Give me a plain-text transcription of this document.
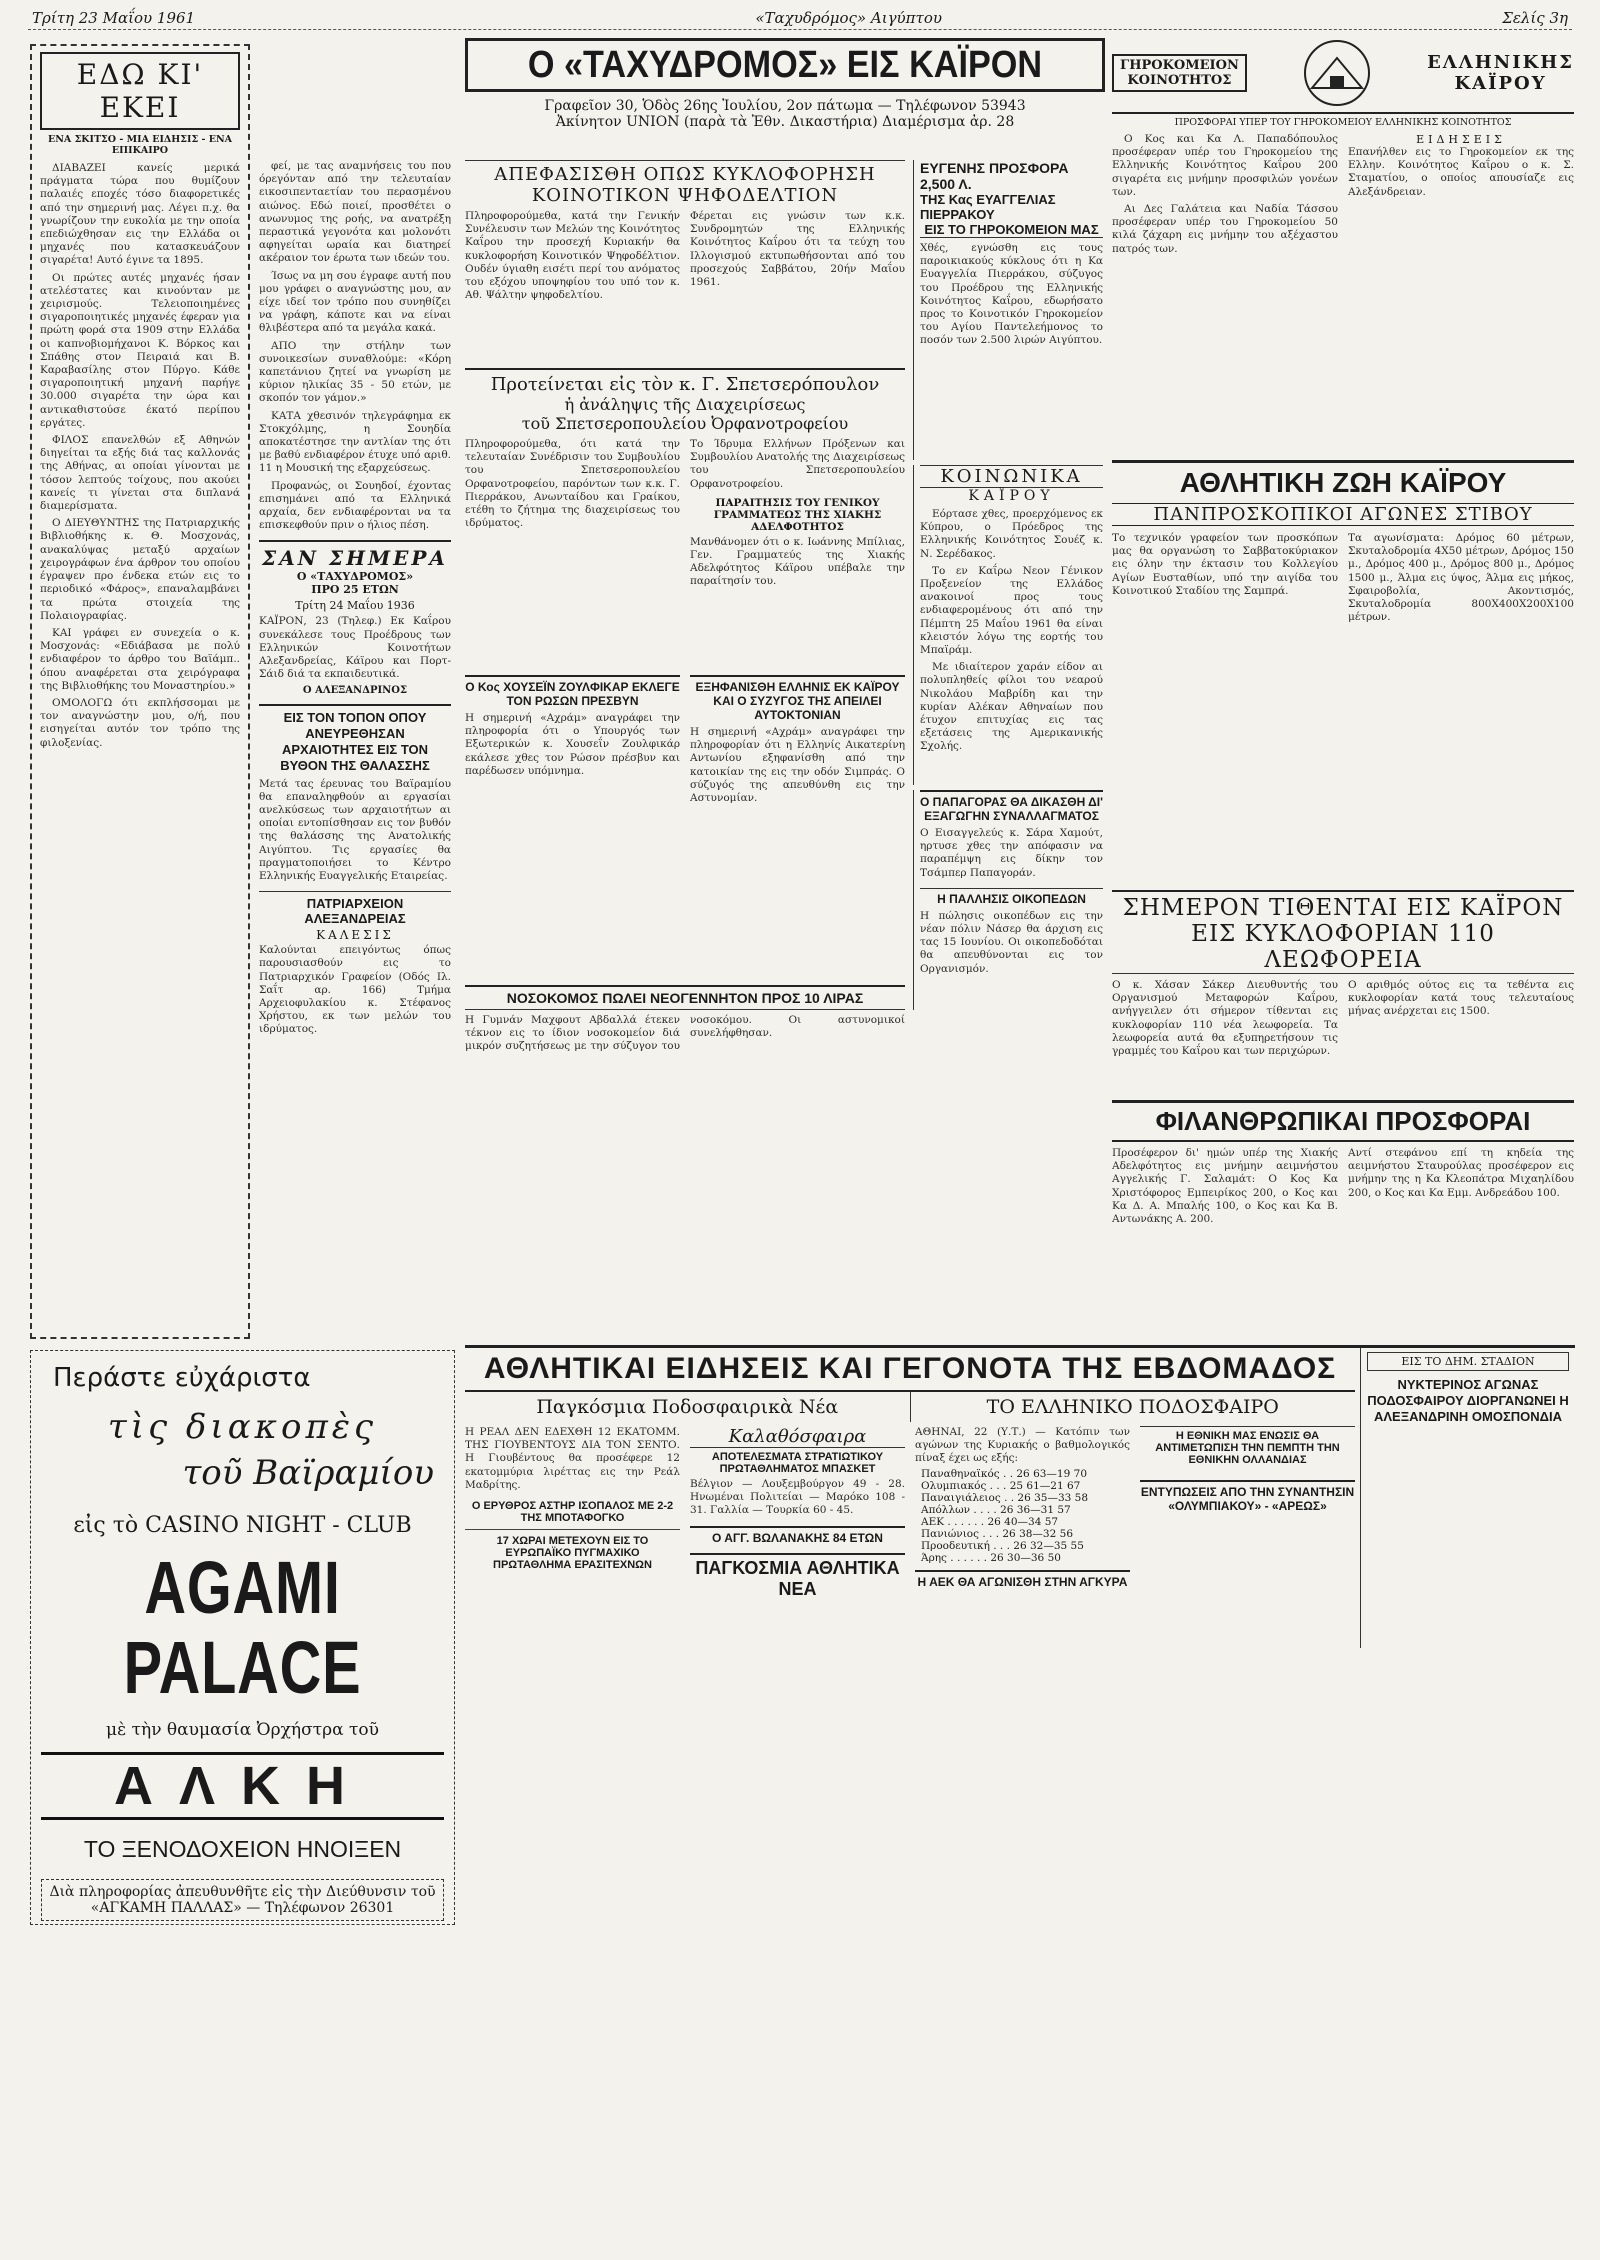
Τρίτη 23 Μαΐου 1961	«Ταχυδρόμος» Αιγύπτου	Σελίς 3η
ΕΔΩ ΚΙ' ΕΚΕΙ
ΕΝΑ ΣΚΙΤΣΟ - ΜΙΑ ΕΙΔΗΣΙΣ - ΕΝΑ ΕΠΙΚΑΙΡΟ

ΔΙΑΒΑΖΕΙ κανείς μερικά πράγματα τώρα που θυμίζουν παλαιές εποχές τόσο διαφορετικές από την σημερινή μας. Λέγει π.χ. θα γνωρίζουν την ευκολία με την οποία επεδιώχθησαν εις την Ελλάδα οι μηχανές που κατασκευάζουν σιγαρέτα! Αυτό έγινε τα 1895.

Οι πρώτες αυτές μηχανές ήσαν ατελέστατες και κινούνταν με χειρισμούς. Τελειοποιημένες σιγαροποιητικές μηχανές έφεραν για πρώτη φορά στα 1909 στην Ελλάδα οι καπνοβιομήχανοι Κ. Βόρκος και Σπάθης στον Πειραιά και Β. Καραβασίλης στον Πύργο. Κάθε σιγαροποιητική μηχανή παρήγε 30.000 σιγαρέτα την ώρα και αντικαθιστούσε έκατό περίπου εργάτες.

ΦΙΛΟΣ επανελθών εξ Αθηνών διηγείται τα εξής διά τας καλλονάς της Αθήνας, αι οποίαι γίνονται με τόσον λεπτούς τοίχους, που ακούει κανείς τι γίνεται στα διπλανά διαμερίσματα.

Ο ΔΙΕΥΘΥΝΤΗΣ της Πατριαρχικής Βιβλιοθήκης κ. Θ. Μοσχονάς, ανακαλύψας μεταξύ αρχαίων χειρογράφων ένα άρθρον του οποίου έγραψεν προ ένδεκα ετών εις το περιοδικό «Φάρος», επαναλαμβάνει τα πρώτα στοιχεία της Πολαιογραφίας.

ΚΑΙ γράφει εν συνεχεία ο κ. Μοσχονάς: «Εδιάβασα με πολύ ενδιαφέρον το άρθρο του Βαϊάμπ.. όπου αναφέρεται στα χειρόγραφα της Βιβλιοθήκης του Μοναστηρίου.»

ΟΜΟΛΟΓΩ ότι εκπλήσσομαι με τον αναγνώστην μου, ο/ή, που εισηγείται αυτόν τον τρόπο της φιλοξενίας.

φεί, με τας αναμνήσεις του που όρεγόνταν από την τελευταίαν εικοσιπενταετίαν του περασμένου αιώνος. Εδώ ποιεί, προσθέτει ο ανωνυμος της ροής, να ανατρέξη περαστικά γεγονότα και μολονότι αφηγείται ωραία και διατηρεί ακέραιον τον έρωτα των ιδεών του.

Ίσως να μη σου έγραφε αυτή που μου γράφει ο αναγνώστης μου, αν είχε ιδεί τον τρόπο που συνηθίζει να γράφη, κάποτε και να είναι θλιβέστερα από τα μεγάλα κακά.

ΑΠΟ την στήλην των συνοικεσίων συναθλούμε: «Κόρη καπετάνιου ζητεί να γνωρίση με κύριον ηλικίας 35 - 50 ετών, με σκοπόν τον γάμον.»

ΚΑΤΑ χθεσινόν τηλεγράφημα εκ Στοκχόλμης, η Σουηδία αποκατέστησε την αντλίαν της ότι με βαθύ ενδιαφέρον έτυχε υπό αριθ. 11 η Μουσική της εξαρχεύσεως.

Προφανώς, οι Σουηδοί, έχοντας επισημάνει από τα Ελληνικά αρχαία, δεν ενδιαφέρονται να τα επισκεφθούν πριν ο ήλιος πέση.

ΣΑΝ ΣΗΜΕΡΑ
Ο «ΤΑΧΥΔΡΟΜΟΣ»
ΠΡΟ 25 ΕΤΩΝ
Τρίτη 24 Μαΐου 1936
ΚΑΪΡΟΝ, 23 (Τηλεφ.) Εκ Καΐρου συνεκάλεσε τους Προέδρους των Ελληνικών Κοινοτήτων Αλεξανδρείας, Κάϊρου και Πορτ-Σάιδ διά τα εκπαιδευτικά.
Ο ΑΛΕΞΑΝΔΡΙΝΟΣ
ΕΙΣ ΤΟΝ ΤΟΠΟΝ ΟΠΟΥ ΑΝΕΥΡΕΘΗΣΑΝ ΑΡΧΑΙΟΤΗΤΕΣ ΕΙΣ ΤΟΝ ΒΥΘΟΝ ΤΗΣ ΘΑΛΑΣΣΗΣ
Μετά τας έρευνας του Βαϊραμίου θα επαναληφθούν αι εργασίαι ανελκύσεως των αρχαιοτήτων αι οποίαι εντοπίσθησαν εις τον βυθόν της θαλάσσης της Ανατολικής Αιγύπτου. Τις εργασίες θα πραγματοποιήσει το Κέντρο Ελληνικής Ευαγγελικής Εταιρείας.
ΠΑΤΡΙΑΡΧΕΙΟΝ ΑΛΕΞΑΝΔΡΕΙΑΣ
ΚΑΛΕΣΙΣ
Καλούνται επειγόντως όπως παρουσιασθούν εις το Πατριαρχικόν Γραφείον (Οδός Ιλ. Σαΐτ αρ. 166) Τμήμα Αρχειοφυλακίου κ. Στέφανος Χρήστου, εκ των μελών του ιδρύματος.
Περάστε εὐχάριστα
τὶς διακοπὲς
τοῦ Βαϊραμίου
εἰς τὸ CASINO NIGHT - CLUB
AGAMI PALACE
μὲ τὴν θαυμασία Ὀρχήστρα τοῦ
ΑΛΚΗ
ΤΟ ΞΕΝΟΔΟΧΕΙΟΝ ΗΝΟΙΞΕΝ
Διὰ πληροφορίας ἀπευθυνθῆτε εἰς τὴν Διεύθυνσιν τοῦ «ΑΓΚΑΜΗ ΠΑΛΛΑΣ» — Τηλέφωνον 26301
Ο «ΤΑΧΥΔΡΟΜΟΣ» ΕΙΣ ΚΑΪΡΟΝ
Γραφεῖον 30, Ὁδὸς 26ης Ἰουλίου, 2ον πάτωμα — Τηλέφωνον 53943
Ἀκίνητον UNION (παρὰ τὰ Ἐθν. Δικαστήρια) Διαμέρισμα ἀρ. 28
ΑΠΕΦΑΣΙΣΘΗ ΟΠΩΣ ΚΥΚΛΟΦΟΡΗΣΗ
ΚΟΙΝΟΤΙΚΟΝ ΨΗΦΟΔΕΛΤΙΟΝ
Πληροφορούμεθα, κατά την Γενικήν Συνέλευσιν των Μελών της Κοινότητος Καΐρου την προσεχή Κυριακήν θα κυκλοφορήση Κοινοτικόν Ψηφοδέλτιον. Ουδέν ύγιαθη εισέτι περί του ανόματος του εξόχου υποψηφίου του υπό τον κ. Αθ. Ψάλτην ψηφοδελτίου.
Φέρεται εις γνώσιν των κ.κ. Συνδρομητών της Ελληνικής Κοινότητος Καΐρου ότι τα τεύχη του Ιλλογισμού εκτυπωθήσονται από του προσεχούς Σαββάτου, 20ήν Μαΐου 1961.
Προτείνεται εἰς τὸν κ. Γ. Σπετσερόπουλον
ἡ ἀνάληψις τῆς Διαχειρίσεως
τοῦ Σπετσεροπουλείου Ὀρφανοτροφείου
Πληροφορούμεθα, ότι κατά την τελευταίαν Συνέδρισιν του Συμβουλίου του Σπετσεροπουλείου Ορφανοτροφείου, παρόντων των κ.κ. Γ. Πιερράκου, Ανωνταίδου και Γραίκου, ετέθη το ζήτημα της διαχειρίσεως του ιδρύματος.
Το Ίδρυμα Ελλήνων Πρόξενων και Συμβουλίου Ανατολής της Διαχειρίσεως του Σπετσεροπουλείου Ορφανοτροφείου.
ΠΑΡΑΙΤΗΣΙΣ ΤΟΥ ΓΕΝΙΚΟΥ ΓΡΑΜΜΑΤΕΩΣ ΤΗΣ ΧΙΑΚΗΣ ΑΔΕΛΦΟΤΗΤΟΣ
Μανθάνομεν ότι ο κ. Ιωάννης Μπίλιας, Γεν. Γραμματεύς της Χιακής Αδελφότητος Κάϊρου υπέβαλε την παραίτησίν του.
ΕΥΓΕΝΗΣ ΠΡΟΣΦΟΡΑ 2,500 Λ.
ΤΗΣ Κας ΕΥΑΓΓΕΛΙΑΣ ΠΙΕΡΡΑΚΟΥ
ΕΙΣ ΤΟ ΓΗΡΟΚΟΜΕΙΟΝ ΜΑΣ
Χθές, εγνώσθη εις τους παροικιακούς κύκλους ότι η Κα Ευαγγελία Πιερράκου, σύζυγος του Προέδρου της Ελληνικής Κοινότητος Καΐρου, εδωρήσατο προς το Κοινοτικόν Γηροκομείον του Αγίου Παντελεήμονος το ποσόν των 2.500 λιρών Αιγύπτου.
ΚΟΙΝΩΝΙΚΑ
ΚΑΪΡΟΥ

Εόρτασε χθες, προερχόμενος εκ Κύπρου, ο Πρόεδρος της Ελληνικής Κοινότητος Σουέζ κ. Ν. Σερέδακος.

Το εν Καΐρω Νεον Γένικον Προξενείον της Ελλάδος ανακοινοί προς τους ενδιαφερομένους ότι από την Πέμπτη 25 Μαΐου 1961 θα είναι κλειστόν λόγω της εορτής του Μπαϊράμ.

Με ιδιαίτερον χαράν είδον αι πολυπληθείς φίλοι του νεαρού Νικολάου Μαβρίδη και την κυρίαν Αλέκαν Αθηναίων που έτυχον επιτυχίας εις τας εξετάσεις της Αμερικανικής Σχολής.

Ο Κος ΧΟΥΣΕΪΝ ΖΟΥΛΦΙΚΑΡ ΕΚΛΕΓΕ ΤΟΝ ΡΩΣΩΝ ΠΡΕΣΒΥΝ
Η σημερινή «Αχράμ» αναγράφει την πληροφορία ότι ο Υπουργός των Εξωτερικών κ. Χουσεΐν Ζουλφικάρ εκάλεσε χθες τον Ρώσον πρέσβυν και παρέδωσεν υπόμνημα.
ΕΞΗΦΑΝΙΣΘΗ ΕΛΛΗΝΙΣ ΕΚ ΚΑΪΡΟΥ ΚΑΙ Ο ΣΥΖΥΓΟΣ ΤΗΣ ΑΠΕΙΛΕΙ ΑΥΤΟΚΤΟΝΙΑΝ
Η σημερινή «Αχράμ» αναγράφει την πληροφορίαν ότι η Ελληνίς Αικατερίνη Αντωνίου εξηφανίσθη από την κατοικίαν της εις την οδόν Σιμπράς. Ο σύζυγός της απευθύνθη εις την Αστυνομίαν.	Ο ΠΑΠΑΓΟΡΑΣ ΘΑ ΔΙΚΑΣΘΗ ΔΙ' ΕΞΑΓΩΓΗΝ ΣΥΝΑΛΛΑΓΜΑΤΟΣ
Ο Εισαγγελεύς κ. Σάρα Χαμούτ, ηρτυσε χθες την απόφασιν να παραπέμψη εις δίκην τον Τσάμπερ Παπαγοράν.
Η ΠΑΛΛΗΣΙΣ ΟΙΚΟΠΕΔΩΝ
Η πώλησις οικοπέδων εις την νέαν πόλιν Νάσερ θα άρχιση εις τας 15 Ιουνίου. Οι οικοπεδοδόται θα απευθύνονται εις τον Οργανισμόν.
ΝΟΣΟΚΟΜΟΣ ΠΩΛΕΙ ΝΕΟΓΕΝΝΗΤΟΝ ΠΡΟΣ 10 ΛΙΡΑΣ
Η Γυμνάν Μαχφουτ Αβδαλλά έτεκεν τέκνον εις το ίδιον νοσοκομείον διά μικρόν συζητήσεως με την σύζυγον του νοσοκόμου. Οι αστυνομικοί συνελήφθησαν.
ΓΗΡΟΚΟΜΕΙΟΝ
ΚΟΙΝΟΤΗΤΟΣ
ΕΛΛΗΝΙΚΗΣ
ΚΑΪΡΟΥ
ΠΡΟΣΦΟΡΑΙ ΥΠΕΡ ΤΟΥ ΓΗΡΟΚΟΜΕΙΟΥ ΕΛΛΗΝΙΚΗΣ ΚΟΙΝΟΤΗΤΟΣ

Ο Κος και Κα Λ. Παπαδόπουλος προσέφεραν υπέρ του Γηροκομείου της Ελληνικής Κοινότητος Καΐρου 200 σιγαρέτα εις μνήμην προσφιλών γονέων των.

Αι Δες Γαλάτεια και Ναδία Τάσσου προσέφεραν υπέρ του Γηροκομείου 50 κιλά ζάχαρη εις μνήμην του αξέχαστου πατρός των.

ΕΙΔΗΣΕΙΣ
Επανήλθεν εις το Γηροκομείον εκ της Ελλην. Κοινότητος Καΐρου ο κ. Σ. Σταματίου, ο οποίος απουσίαζε εις Αλεξάνδρειαν.
ΑΘΛΗΤΙΚΗ ΖΩΗ ΚΑΪΡΟΥ
ΠΑΝΠΡΟΣΚΟΠΙΚΟΙ ΑΓΩΝΕΣ ΣΤΙΒΟΥ
Το τεχνικόν γραφείον των προσκόπων μας θα οργανώση το Σαββατοκύριακον εις όλην την έκτασιν του Κολλεγίου Αγίων Ευσταθίων, υπό την αιγίδα του Κοινοτικού Σταδίου της Σαμπρά.
Τα αγωνίσματα: Δρόμος 60 μέτρων, Σκυταλοδρομία 4Χ50 μέτρων, Δρόμος 150 μ., Δρόμος 400 μ., Δρόμος 800 μ., Δρόμος 1500 μ., Άλμα εις ύψος, Άλμα εις μήκος, Σφαιροβολία, Ακοντισμός, Σκυταλοδρομία 800Χ400Χ200Χ100 μέτρων.
ΣΗΜΕΡΟΝ ΤΙΘΕΝΤΑΙ ΕΙΣ ΚΑΪΡΟΝ
ΕΙΣ ΚΥΚΛΟΦΟΡΙΑΝ 110 ΛΕΩΦΟΡΕΙΑ
Ο κ. Χάσαν Σάκερ Διευθυντής του Οργανισμού Μεταφορών Καΐρου, ανήγγειλεν ότι σήμερον τίθενται εις κυκλοφορίαν 110 νέα λεωφορεία. Τα λεωφορεία αυτά θα εξυπηρετήσουν τις γραμμές του Καΐρου και των περιχώρων.
Ο αριθμός ούτος εις τα τεθέντα εις κυκλοφορίαν κατά τους τελευταίους μήνας ανέρχεται εις 1500.
ΦΙΛΑΝΘΡΩΠΙΚΑΙ ΠΡΟΣΦΟΡΑΙ
Προσέφερον δι' ημών υπέρ της Χιακής Αδελφότητος εις μνήμην αειμνήστου Αγγελικής Γ. Σαλαμάτ: Ο Κος Κα Χριστόφορος Εμπειρίκος 200, ο Κος και Κα Δ. Α. Μπαλής 100, ο Κος και Κα Β. Αντωνάκης Α. 200.
Αντί στεφάνου επί τη κηδεία της αειμνήστου Σταυρούλας προσέφερον εις μνήμην της η Κα Κλεοπάτρα Μιχαηλίδου 200, ο Κος και Κα Εμμ. Ανδρεάδου 100.
ΑΘΛΗΤΙΚΑΙ ΕΙΔΗΣΕΙΣ ΚΑΙ ΓΕΓΟΝΟΤΑ ΤΗΣ ΕΒΔΟΜΑΔΟΣ
Παγκόσμια Ποδοσφαιρικὰ Νέα	ΤΟ ΕΛΛΗΝΙΚΟ ΠΟΔΟΣΦΑΙΡΟ
Η ΡΕΑΛ ΔΕΝ ΕΔΕΧΘΗ 12 ΕΚΑΤΟΜΜ. ΤΗΣ ΓΙΟΥΒΕΝΤΟΥΣ ΔΙΑ ΤΟΝ ΣΕΝΤΟ. Η Γιουβέντους θα προσέφερε 12 εκατομμύρια λιρέττας εις την Ρεάλ Μαδρίτης.
Ο ΕΡΥΘΡΟΣ ΑΣΤΗΡ ΙΣΟΠΑΛΟΣ ΜΕ 2-2 ΤΗΣ ΜΠΟΤΑΦΟΓΚΟ
17 ΧΩΡΑΙ ΜΕΤΕΧΟΥΝ ΕΙΣ ΤΟ ΕΥΡΩΠΑΪΚΟ ΠΥΓΜΑΧΙΚΟ ΠΡΩΤΑΘΛΗΜΑ ΕΡΑΣΙΤΕΧΝΩΝ
Καλαθόσφαιρα
ΑΠΟΤΕΛΕΣΜΑΤΑ ΣΤΡΑΤΙΩΤΙΚΟΥ ΠΡΩΤΑΘΛΗΜΑΤΟΣ ΜΠΑΣΚΕΤ
Βέλγιον — Λουξεμβούργον 49 - 28. Ηνωμέναι Πολιτείαι — Μαρόκο 108 - 31. Γαλλία — Τουρκία 60 - 45.
Ο ΑΓΓ. ΒΩΛΑΝΑΚΗΣ 84 ΕΤΩΝ
ΠΑΓΚΟΣΜΙΑ ΑΘΛΗΤΙΚΑ ΝΕΑ
ΑΘΗΝΑΙ, 22 (Υ.Τ.) — Κατόπιν των αγώνων της Κυριακής ο βαθμολογικός πίναξ έχει ως εξής:
Παναθηναϊκός . . 26 63—19 70
Ολυμπιακός . . . 25 61—21 67
Παναιγιάλειος . . 26 35—33 58
Απόλλων . . . . 26 36—31 57
ΑΕΚ . . . . . . 26 40—34 57
Πανιώνιος . . . 26 38—32 56
Προοδευτική . . . 26 32—35 55
Άρης . . . . . . 26 30—36 50
Η ΑΕΚ ΘΑ ΑΓΩΝΙΣΘΗ ΣΤΗΝ ΑΓΚΥΡΑ
Η ΕΘΝΙΚΗ ΜΑΣ ΕΝΩΣΙΣ ΘΑ ΑΝΤΙΜΕΤΩΠΙΣΗ ΤΗΝ ΠΕΜΠΤΗ ΤΗΝ ΕΘΝΙΚΗΝ ΟΛΛΑΝΔΙΑΣ
ΕΝΤΥΠΩΣΕΙΣ ΑΠΟ ΤΗΝ ΣΥΝΑΝΤΗΣΙΝ «ΟΛΥΜΠΙΑΚΟΥ» - «ΑΡΕΩΣ»
ΕΙΣ ΤΟ ΔΗΜ. ΣΤΑΔΙΟΝ
ΝΥΚΤΕΡΙΝΟΣ ΑΓΩΝΑΣ ΠΟΔΟΣΦΑΙΡΟΥ ΔΙΟΡΓΑΝΩΝΕΙ Η ΑΛΕΞΑΝΔΡΙΝΗ ΟΜΟΣΠΟΝΔΙΑ
